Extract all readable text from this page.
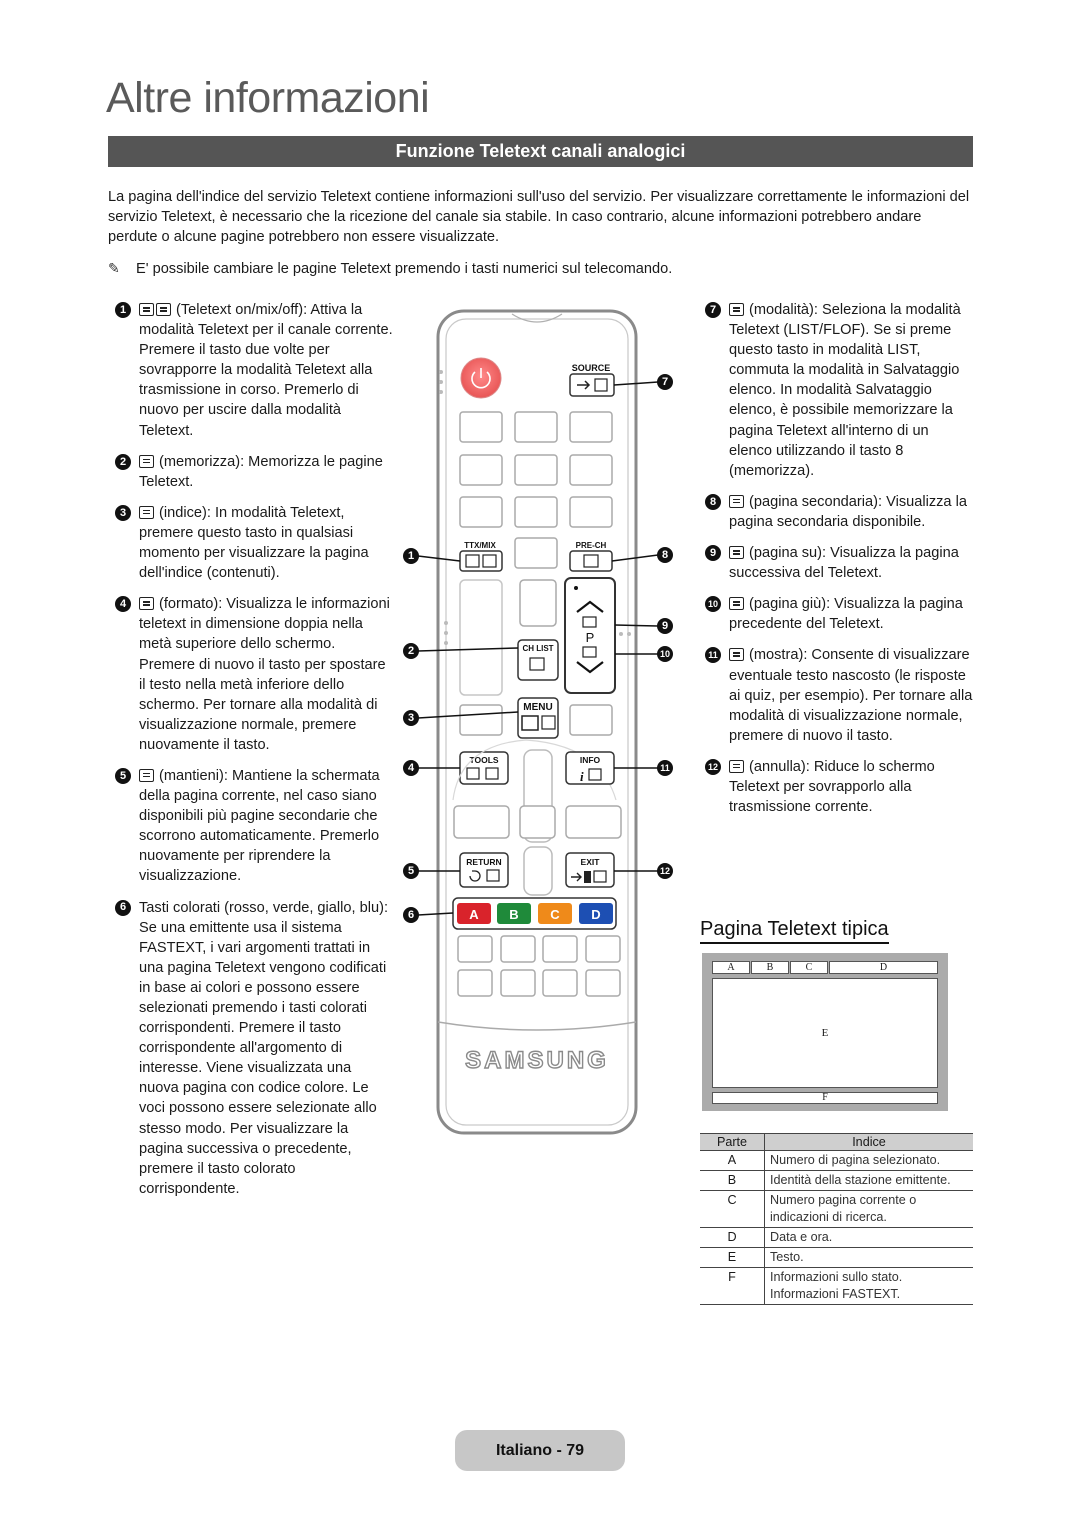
Altre informazioni
Funzione Teletext canali analogici

La pagina dell'indice del servizio Teletext contiene informazioni sull'uso del servizio. Per visualizzare correttamente le informazioni del servizio Teletext, è necessario che la ricezione del canale sia stabile. In caso contrario, alcune informazioni potrebbero andare perdute o alcune pagine potrebbero non essere visualizzate.

✎ E' possibile cambiare le pagine Teletext premendo i tasti numerici sul telecomando.

1	(Teletext on/mix/off): Attiva la modalità Teletext per il canale corrente. Premere il tasto due volte per sovrapporre la modalità Teletext alla trasmissione in corso. Premerlo di nuovo per uscire dalla modalità Teletext.
2	(memorizza): Memorizza le pagine Teletext.
3	(indice): In modalità Teletext, premere questo tasto in qualsiasi momento per visualizzare la pagina dell'indice (contenuti).
4	(formato): Visualizza le informazioni teletext in dimensione doppia nella metà superiore dello schermo. Premere di nuovo il tasto per spostare il testo nella metà inferiore dello schermo. Per tornare alla modalità di visualizzazione normale, premere nuovamente il tasto.
5	(mantieni): Mantiene la schermata della pagina corrente, nel caso siano disponibili più pagine secondarie che scorrono automaticamente. Premerlo nuovamente per riprendere la visualizzazione.
6 Tasti colorati (rosso, verde, giallo, blu): Se una emittente usa il sistema FASTEXT, i vari argomenti trattati in una pagina Teletext vengono codificati in base ai colori e possono essere selezionati premendo i tasti colorati corrispondenti. Premere il tasto corrispondente all'argomento di interesse. Viene visualizzata una nuova pagina con codice colore. Le voci possono essere selezionate allo stesso modo. Per visualizzare la pagina successiva o precedente, premere il tasto colorato corrispondente.
SOURCE
TTX/MIX	PRE-CH
P
CH LIST
MENU
TOOLS	INFO
i
RETURN	EXIT
A B C D
SAMSUNG
7
1	8
9
2	10
3
4	11
5	12
6
7	(modalità): Seleziona la modalità Teletext (LIST/FLOF). Se si preme questo tasto in modalità LIST, commuta la modalità in Salvataggio elenco. In modalità Salvataggio elenco, è possibile memorizzare la pagina Teletext all'interno di un elenco utilizzando il tasto 8 (memorizza).
8	(pagina secondaria): Visualizza la pagina secondaria disponibile.
9	(pagina su): Visualizza la pagina successiva del Teletext.
10	(pagina giù): Visualizza la pagina precedente del Teletext.
11	(mostra): Consente di visualizzare eventuale testo nascosto (le risposte ai quiz, per esempio). Per tornare alla modalità di visualizzazione normale, premere di nuovo il tasto.
12	(annulla): Riduce lo schermo Teletext per sovrapporlo alla trasmissione corrente.
Pagina Teletext tipica
A	B	C	D
E
F
Parte	Indice
A	Numero di pagina selezionato.
B	Identità della stazione emittente.
C	Numero pagina corrente o indicazioni di ricerca.
D	Data e ora.
E	Testo.
F	Informazioni sullo stato. Informazioni FASTEXT.
Italiano - 79
